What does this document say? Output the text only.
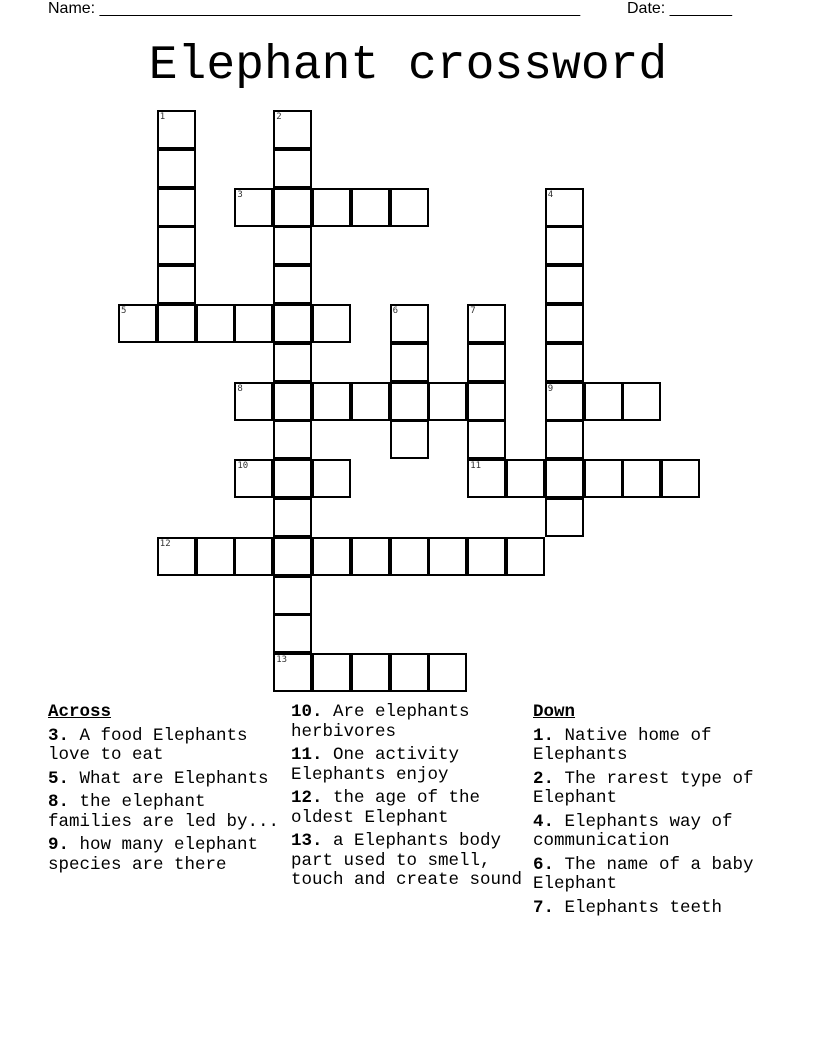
Name: ______________________________________________________	Date: _______
Elephant crossword
1	2
13
3	4
9
5	6	7
11
8
10
12
Across
3. A food Elephants love to eat
5. What are Elephants
8. the elephant families are led by...
9. how many elephant species are there
10. Are elephants herbivores
11. One activity Elephants enjoy
12. the age of the oldest Elephant
13. a Elephants body part used to smell, touch and create sound
Down
1. Native home of Elephants
2. The rarest type of Elephant
4. Elephants way of communication
6. The name of a baby Elephant
7. Elephants teeth
